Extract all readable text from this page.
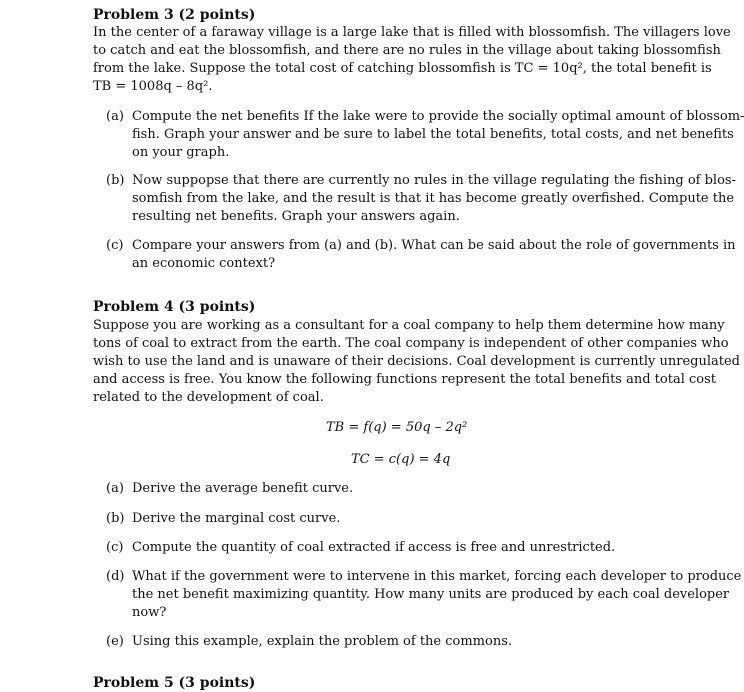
Problem 3 (2 points)
In the center of a faraway village is a large lake that is filled with blossomfish. The villagers love
to catch and eat the blossomfish, and there are no rules in the village about taking blossomfish
from the lake. Suppose the total cost of catching blossomfish is TC = 10q², the total benefit is
TB = 1008q – 8q².
(a) Compute the net benefits If the lake were to provide the socially optimal amount of blossom-
fish. Graph your answer and be sure to label the total benefits, total costs, and net benefits
on your graph.
(b) Now suppopse that there are currently no rules in the village regulating the fishing of blos-
somfish from the lake, and the result is that it has become greatly overfished. Compute the
resulting net benefits. Graph your answers again.
(c) Compare your answers from (a) and (b). What can be said about the role of governments in
an economic context?
Problem 4 (3 points)
Suppose you are working as a consultant for a coal company to help them determine how many
tons of coal to extract from the earth. The coal company is independent of other companies who
wish to use the land and is unaware of their decisions. Coal development is currently unregulated
and access is free. You know the following functions represent the total benefits and total cost
related to the development of coal.
TB = f(q) = 50q – 2q²
TC = c(q) = 4q
(a) Derive the average benefit curve.
(b) Derive the marginal cost curve.
(c) Compute the quantity of coal extracted if access is free and unrestricted.
(d) What if the government were to intervene in this market, forcing each developer to produce
the net benefit maximizing quantity. How many units are produced by each coal developer
now?
(e) Using this example, explain the problem of the commons.
Problem 5 (3 points)
